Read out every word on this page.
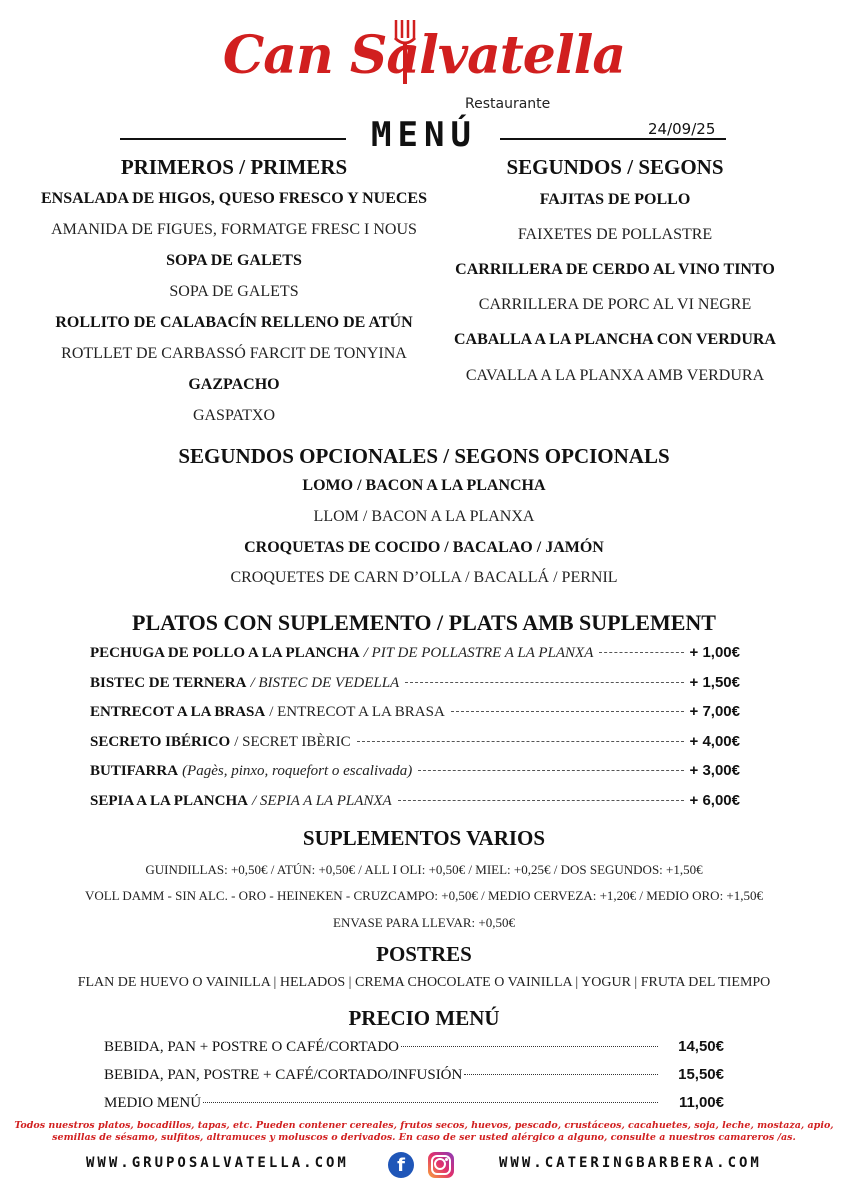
Can Salvatella
Restaurante
MENÚ	24/09/25
PRIMEROS / PRIMERS
ENSALADA DE HIGOS, QUESO FRESCO Y NUECES
AMANIDA DE FIGUES, FORMATGE FRESC I NOUS
SOPA DE GALETS
SOPA DE GALETS
ROLLITO DE CALABACÍN RELLENO DE ATÚN
ROTLLET DE CARBASSÓ FARCIT DE TONYINA
GAZPACHO
GASPATXO
SEGUNDOS / SEGONS
FAJITAS DE POLLO
FAIXETES DE POLLASTRE
CARRILLERA DE CERDO AL VINO TINTO
CARRILLERA DE PORC AL VI NEGRE
CABALLA A LA PLANCHA CON VERDURA
CAVALLA A LA PLANXA AMB VERDURA
SEGUNDOS OPCIONALES / SEGONS OPCIONALS
LOMO / BACON A LA PLANCHA
LLOM / BACON A LA PLANXA
CROQUETAS DE COCIDO / BACALAO / JAMÓN
CROQUETES DE CARN D’OLLA / BACALLÁ / PERNIL
PLATOS CON SUPLEMENTO / PLATS AMB SUPLEMENT
PECHUGA DE POLLO A LA PLANCHA / PIT DE POLLASTRE A LA PLANXA	+ 1,00€
BISTEC DE TERNERA / BISTEC DE VEDELLA	+ 1,50€
ENTRECOT A LA BRASA / ENTRECOT A LA BRASA	+ 7,00€
SECRETO IBÉRICO / SECRET IBÈRIC	+ 4,00€
BUTIFARRA (Pagès, pinxo, roquefort o escalivada)	+ 3,00€
SEPIA A LA PLANCHA / SEPIA A LA PLANXA	+ 6,00€
SUPLEMENTOS VARIOS
GUINDILLAS: +0,50€ / ATÚN: +0,50€ / ALL I OLI: +0,50€ / MIEL: +0,25€ / DOS SEGUNDOS: +1,50€
VOLL DAMM - SIN ALC. - ORO - HEINEKEN - CRUZCAMPO: +0,50€ / MEDIO CERVEZA: +1,20€ / MEDIO ORO: +1,50€
ENVASE PARA LLEVAR: +0,50€
POSTRES
FLAN DE HUEVO O VAINILLA | HELADOS | CREMA CHOCOLATE O VAINILLA | YOGUR | FRUTA DEL TIEMPO
PRECIO MENÚ
BEBIDA, PAN + POSTRE O CAFÉ/CORTADO	14,50€
BEBIDA, PAN, POSTRE + CAFÉ/CORTADO/INFUSIÓN	15,50€
MEDIO MENÚ	11,00€
Todos nuestros platos, bocadillos, tapas, etc. Pueden contener cereales, frutos secos, huevos, pescado, crustáceos, cacahuetes, soja, leche, mostaza, apio, semillas de sésamo, sulfitos, altramuces y moluscos o derivados. En caso de ser usted alérgico a alguno, consulte a nuestros camareros /as.
WWW.GRUPOSALVATELLA.COM	f	WWW.CATERINGBARBERA.COM
